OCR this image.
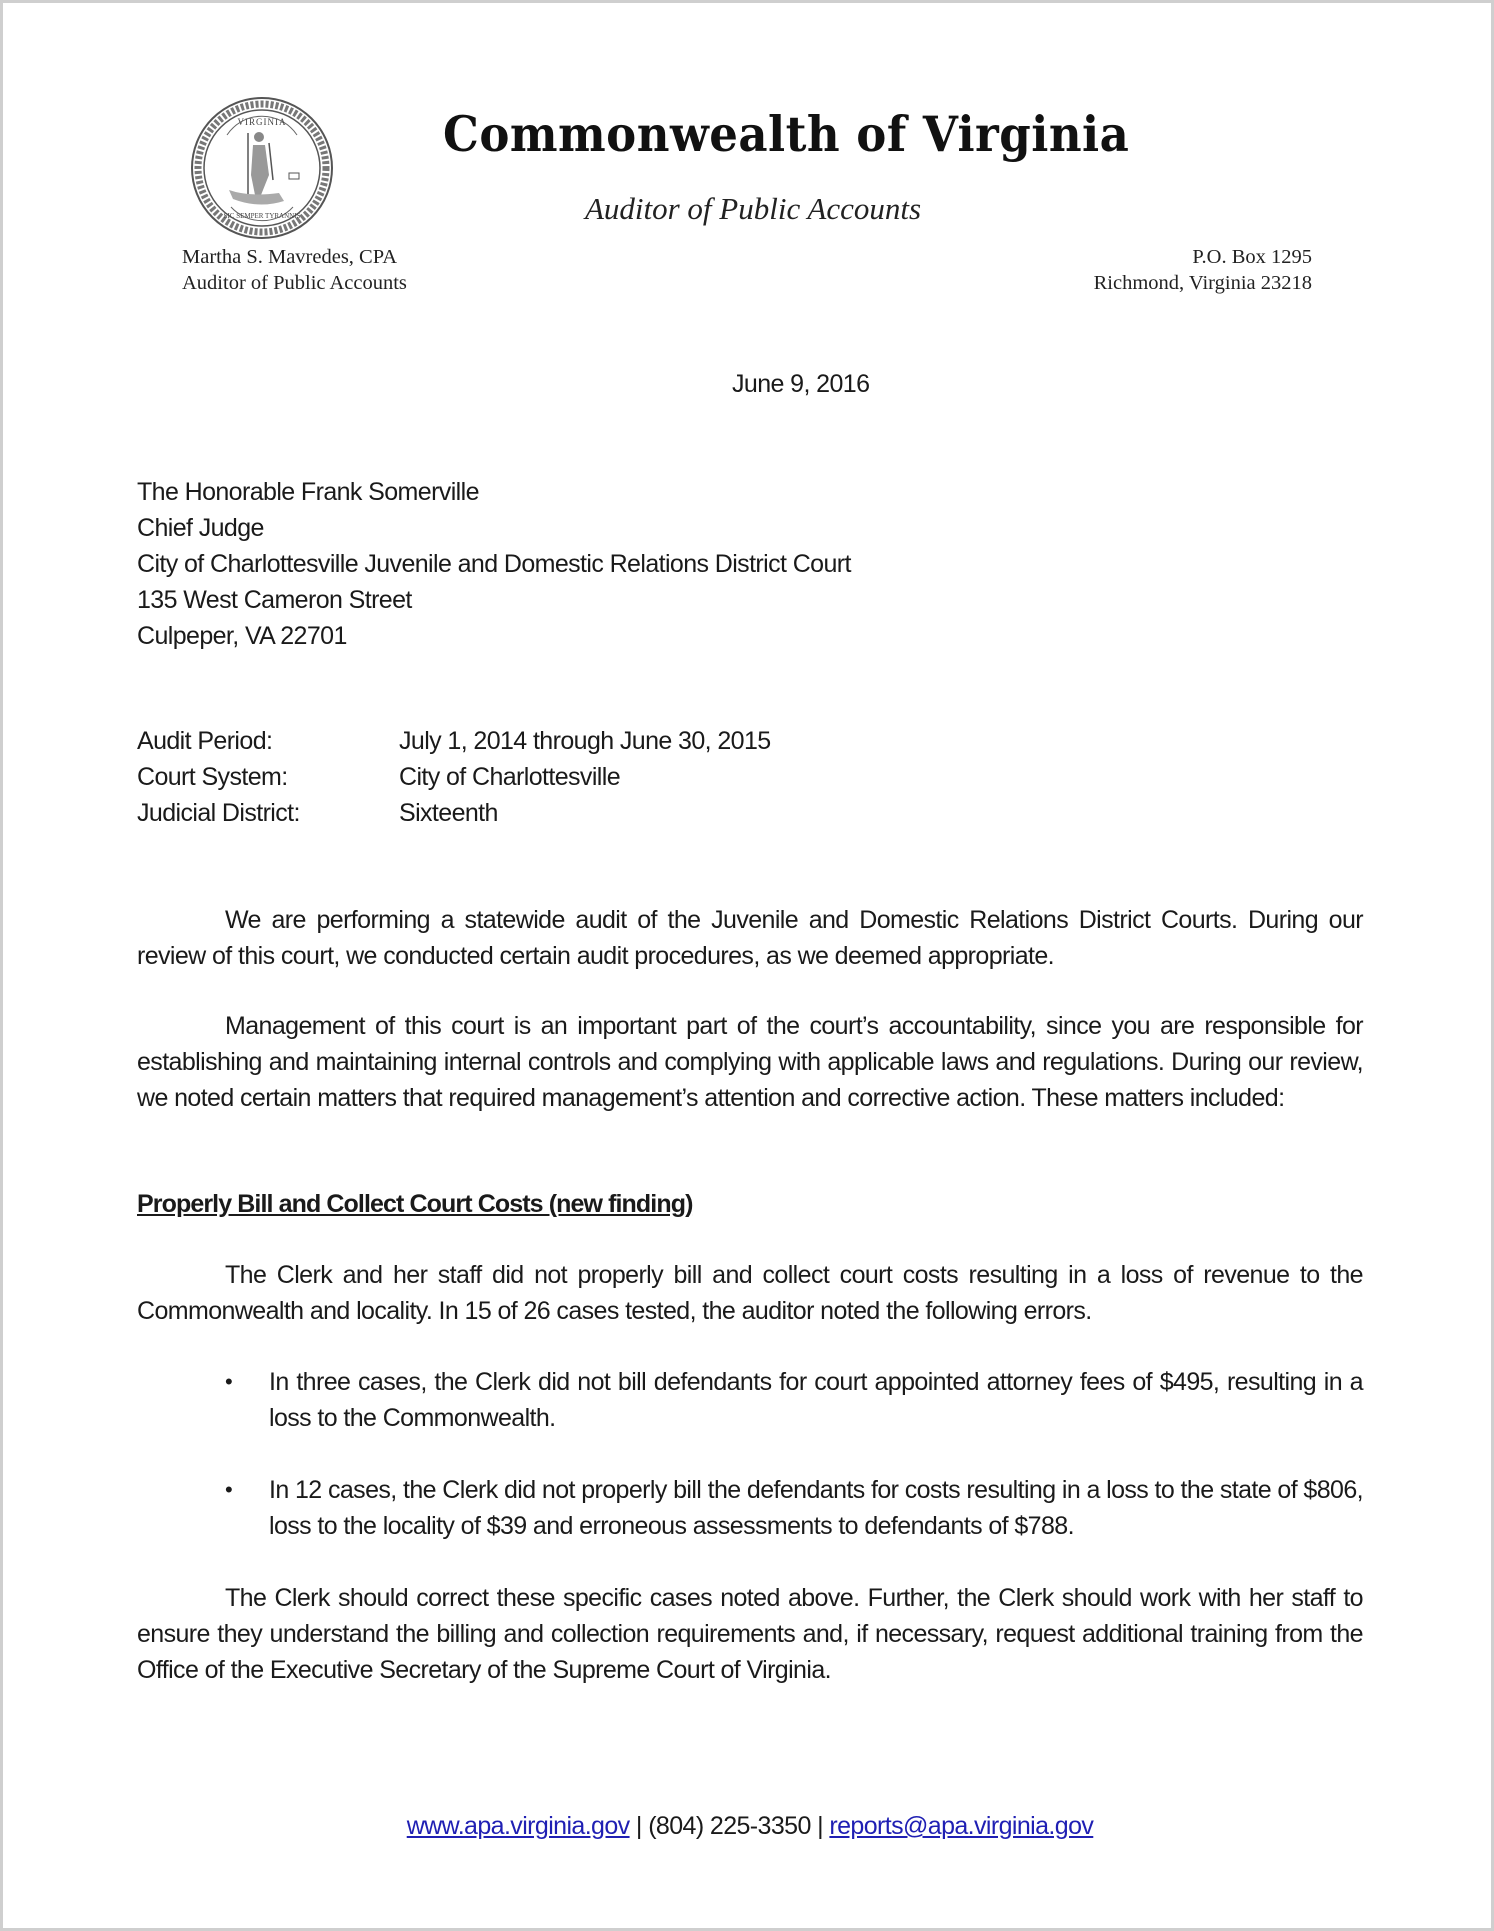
VIRGINIA
SIC SEMPER TYRANNIS
Commonwealth of Virginia
Auditor of Public Accounts
Martha S. Mavredes, CPA
Auditor of Public Accounts
P.O. Box 1295
Richmond, Virginia 23218
June 9, 2016
The Honorable Frank Somerville
Chief Judge
City of Charlottesville Juvenile and Domestic Relations District Court
135 West Cameron Street
Culpeper, VA 22701
Audit Period:	July 1, 2014 through June 30, 2015
Court System:	City of Charlottesville
Judicial District:	Sixteenth
We are performing a statewide audit of the Juvenile and Domestic Relations District Courts. During our review of this court, we conducted certain audit procedures, as we deemed appropriate.
Management of this court is an important part of the court’s accountability, since you are responsible for establishing and maintaining internal controls and complying with applicable laws and regulations. During our review, we noted certain matters that required management’s attention and corrective action. These matters included:
Properly Bill and Collect Court Costs (new finding)
The Clerk and her staff did not properly bill and collect court costs resulting in a loss of revenue to the Commonwealth and locality. In 15 of 26 cases tested, the auditor noted the following errors.
•	In three cases, the Clerk did not bill defendants for court appointed attorney fees of $495, resulting in a loss to the Commonwealth.
•	In 12 cases, the Clerk did not properly bill the defendants for costs resulting in a loss to the state of $806, loss to the locality of $39 and erroneous assessments to defendants of $788.
The Clerk should correct these specific cases noted above. Further, the Clerk should work with her staff to ensure they understand the billing and collection requirements and, if necessary, request additional training from the Office of the Executive Secretary of the Supreme Court of Virginia.
www.apa.virginia.gov | (804) 225-3350 | reports@apa.virginia.gov
